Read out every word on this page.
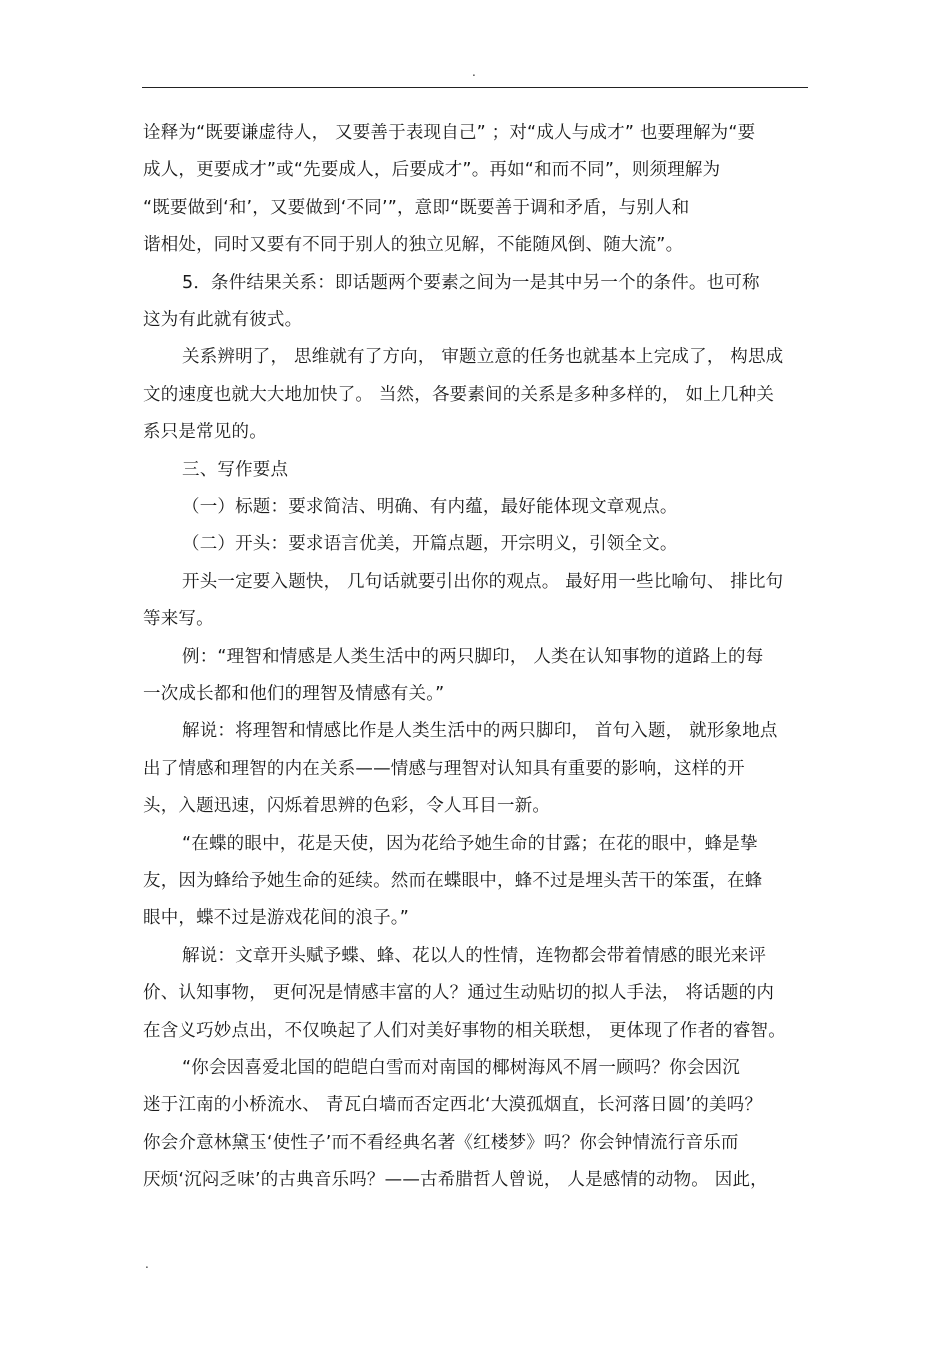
.
诠释为“既要谦虚待人， 又要善于表现自己” ；对“成人与成才” 也要理解为“要
成人，更要成才”或“先要成人，后要成才”。再如“和而不同”，则须理解为
“既要做到‘和’，又要做到‘不同’”，意即“既要善于调和矛盾，与别人和
谐相处，同时又要有不同于别人的独立见解，不能随风倒、随大流”。
5．条件结果关系：即话题两个要素之间为一是其中另一个的条件。也可称
这为有此就有彼式。
关系辨明了， 思维就有了方向， 审题立意的任务也就基本上完成了， 构思成
文的速度也就大大地加快了。 当然，各要素间的关系是多种多样的， 如上几种关
系只是常见的。
三、写作要点
（一）标题：要求简洁、明确、有内蕴，最好能体现文章观点。
（二）开头：要求语言优美，开篇点题，开宗明义，引领全文。
开头一定要入题快， 几句话就要引出你的观点。 最好用一些比喻句、 排比句
等来写。
例：“理智和情感是人类生活中的两只脚印， 人类在认知事物的道路上的每
一次成长都和他们的理智及情感有关。”
解说：将理智和情感比作是人类生活中的两只脚印， 首句入题， 就形象地点
出了情感和理智的内在关系——情感与理智对认知具有重要的影响，这样的开
头，入题迅速，闪烁着思辨的色彩，令人耳目一新。
“在蝶的眼中，花是天使，因为花给予她生命的甘露；在花的眼中，蜂是挚
友，因为蜂给予她生命的延续。然而在蝶眼中，蜂不过是埋头苦干的笨蛋，在蜂
眼中，蝶不过是游戏花间的浪子。”
解说：文章开头赋予蝶、蜂、花以人的性情，连物都会带着情感的眼光来评
价、认知事物， 更何况是情感丰富的人？通过生动贴切的拟人手法， 将话题的内
在含义巧妙点出，不仅唤起了人们对美好事物的相关联想， 更体现了作者的睿智。
“你会因喜爱北国的皑皑白雪而对南国的椰树海风不屑一顾吗？你会因沉
迷于江南的小桥流水、 青瓦白墙而否定西北‘大漠孤烟直，长河落日圆’的美吗？
你会介意林黛玉‘使性子’而不看经典名著《红楼梦》吗？你会钟情流行音乐而
厌烦‘沉闷乏味’的古典音乐吗？——古希腊哲人曾说， 人是感情的动物。 因此，
.
